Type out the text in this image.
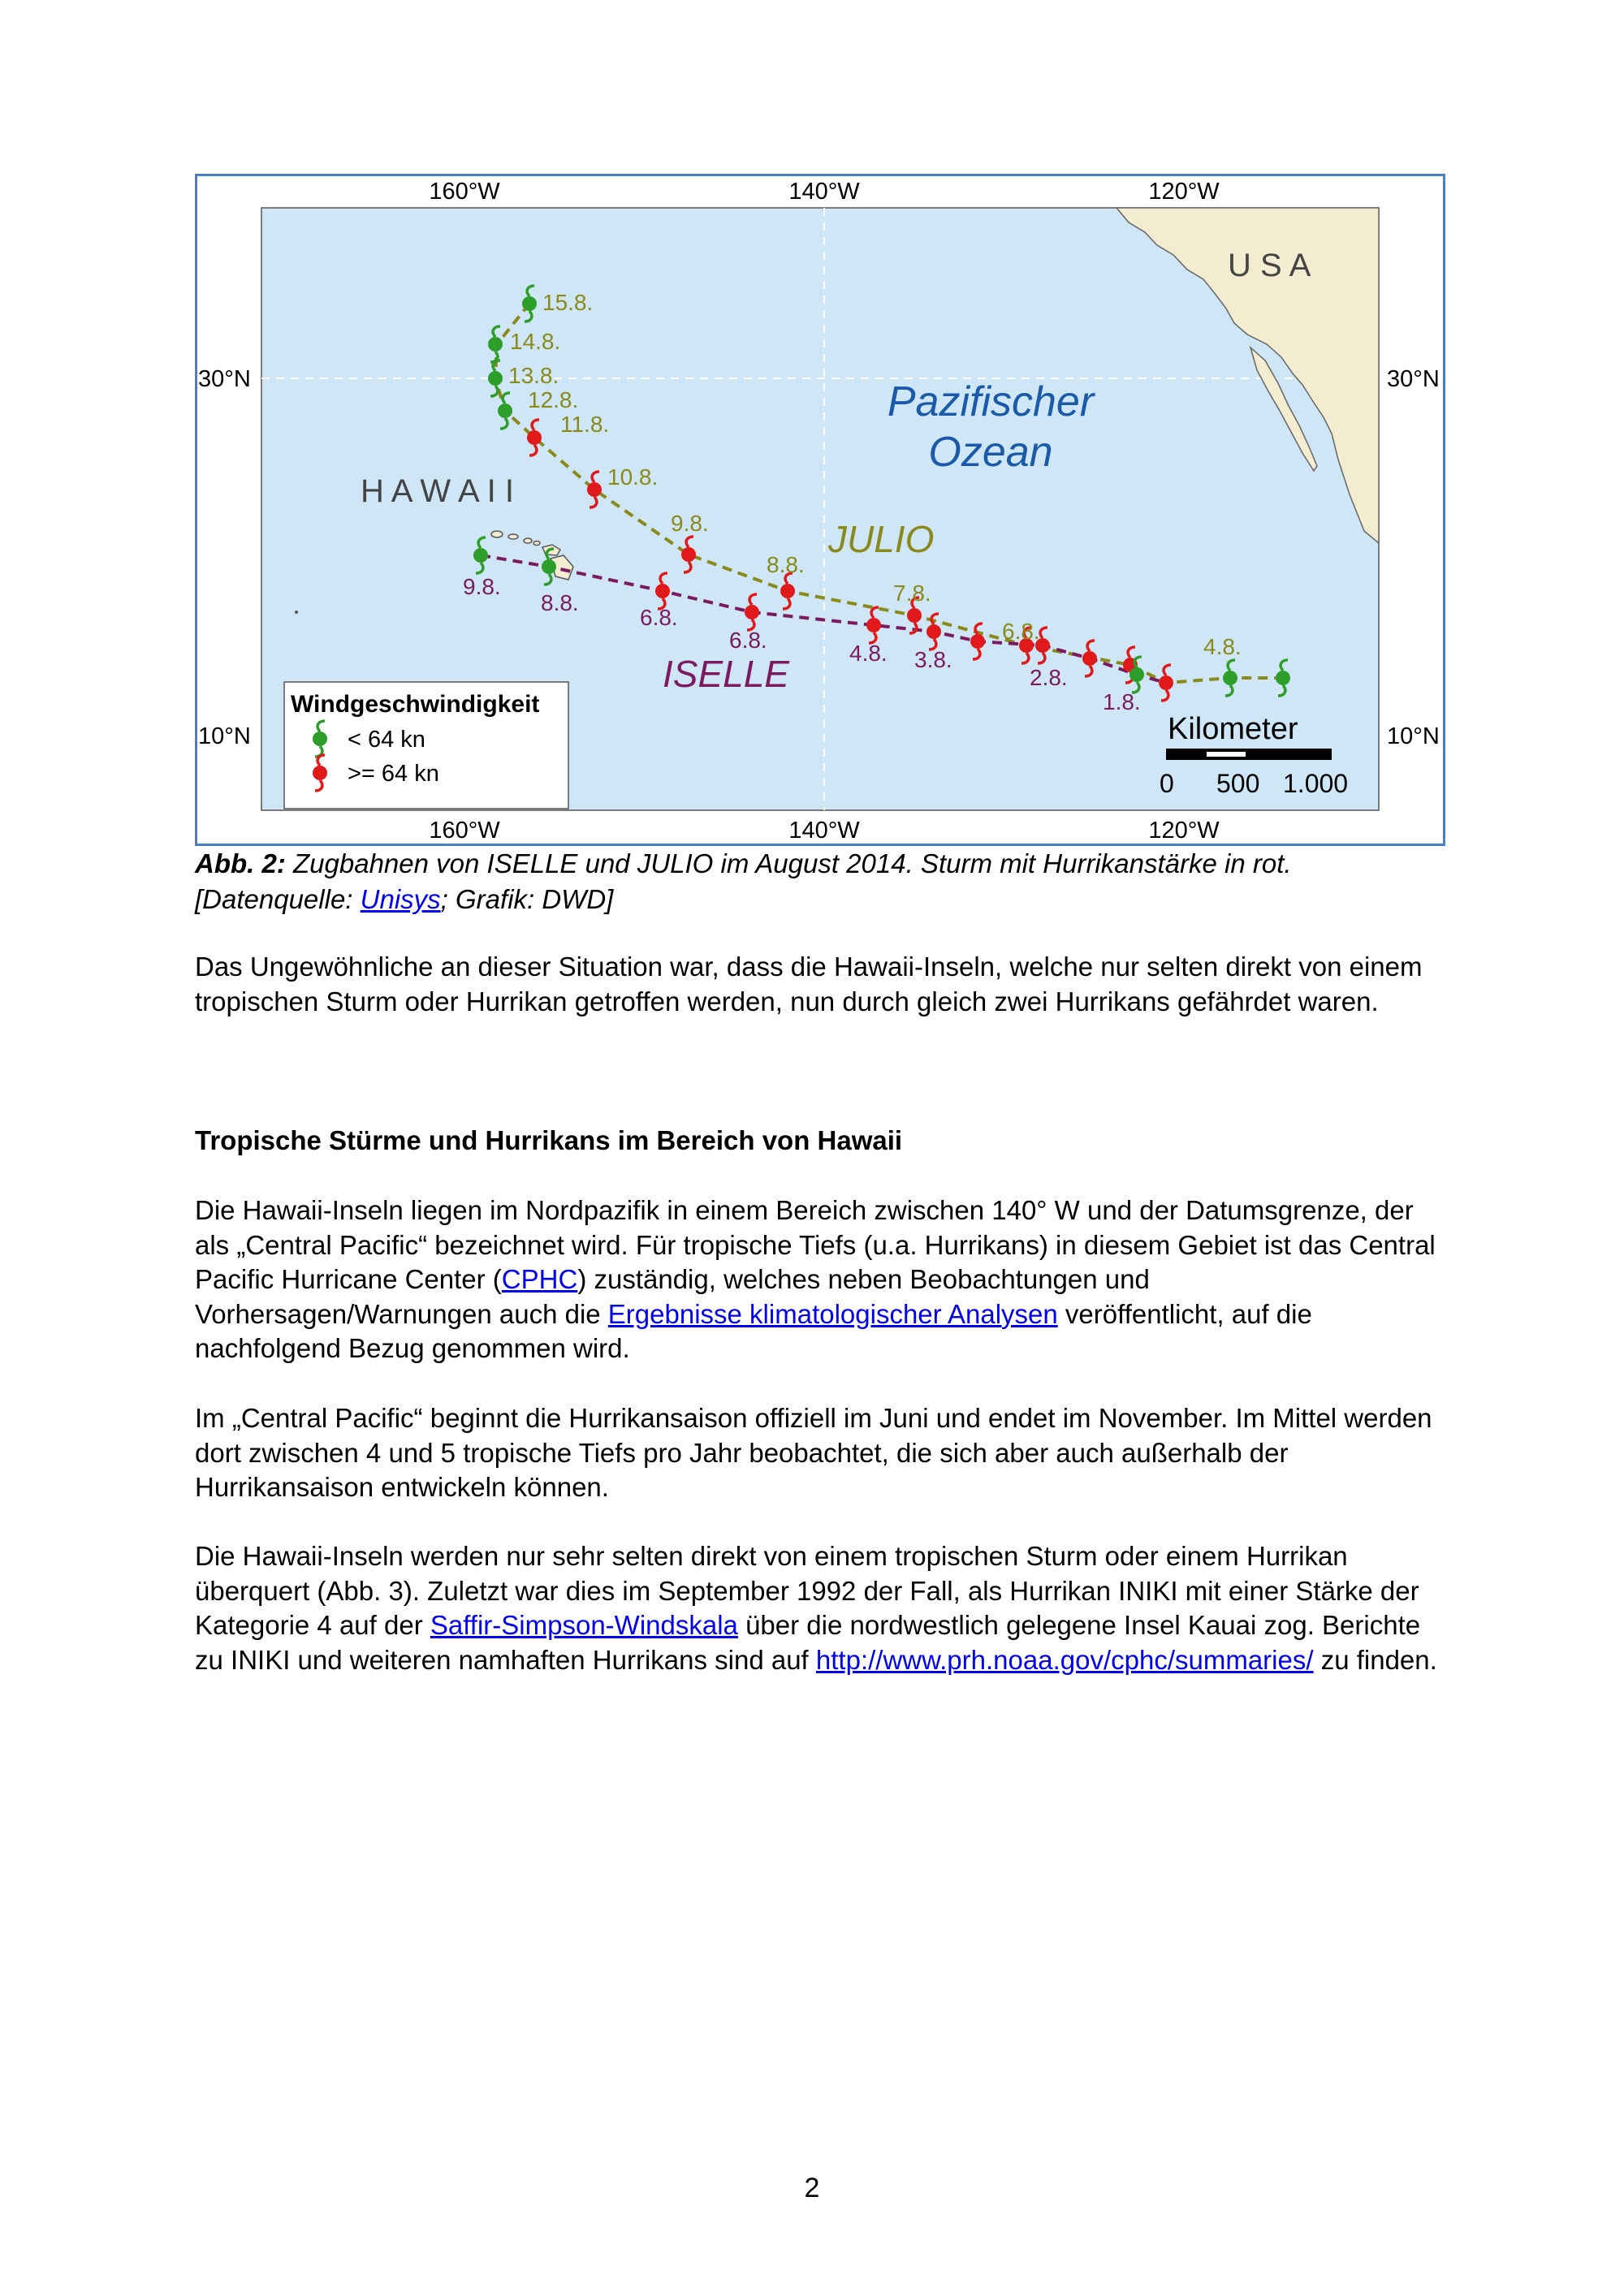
15.8.
14.8.
13.8.
12.8.
11.8.
10.8.
9.8.
8.8.
7.8.
6.8.
4.8.
9.8.
8.8.
6.8.
6.8.
4.8. 3.8.
2.8.
1.8.
U S A
Pazifischer
Ozean
H A W A I I
JULIO
ISELLE
160°W	140°W	120°W
160°W	140°W	120°W
30°N
10°N
30°N
10°N
Windgeschwindigkeit
< 64 kn
>= 64 kn
Kilometer
0 500 1.000
Abb. 2: Zugbahnen von ISELLE und JULIO im August 2014. Sturm mit Hurrikanstärke in rot. [Datenquelle: Unisys; Grafik: DWD]
Das Ungewöhnliche an dieser Situation war, dass die Hawaii-Inseln, welche nur selten direkt von einem tropischen Sturm oder Hurrikan getroffen werden, nun durch gleich zwei Hurrikans gefährdet waren.
Tropische Stürme und Hurrikans im Bereich von Hawaii
Die Hawaii-Inseln liegen im Nordpazifik in einem Bereich zwischen 140° W und der Datumsgrenze, der als „Central Pacific“ bezeichnet wird. Für tropische Tiefs (u.a. Hurrikans) in diesem Gebiet ist das Central Pacific Hurricane Center (CPHC) zuständig, welches neben Beobachtungen und Vorhersagen/Warnungen auch die Ergebnisse klimatologischer Analysen veröffentlicht, auf die nachfolgend Bezug genommen wird.
Im „Central Pacific“ beginnt die Hurrikansaison offiziell im Juni und endet im November. Im Mittel werden dort zwischen 4 und 5 tropische Tiefs pro Jahr beobachtet, die sich aber auch außerhalb der Hurrikansaison entwickeln können.
Die Hawaii-Inseln werden nur sehr selten direkt von einem tropischen Sturm oder einem Hurrikan überquert (Abb. 3). Zuletzt war dies im September 1992 der Fall, als Hurrikan INIKI mit einer Stärke der Kategorie 4 auf der Saffir-Simpson-Windskala über die nordwestlich gelegene Insel Kauai zog. Berichte zu INIKI und weiteren namhaften Hurrikans sind auf http://www.prh.noaa.gov/cphc/summaries/ zu finden.
2
